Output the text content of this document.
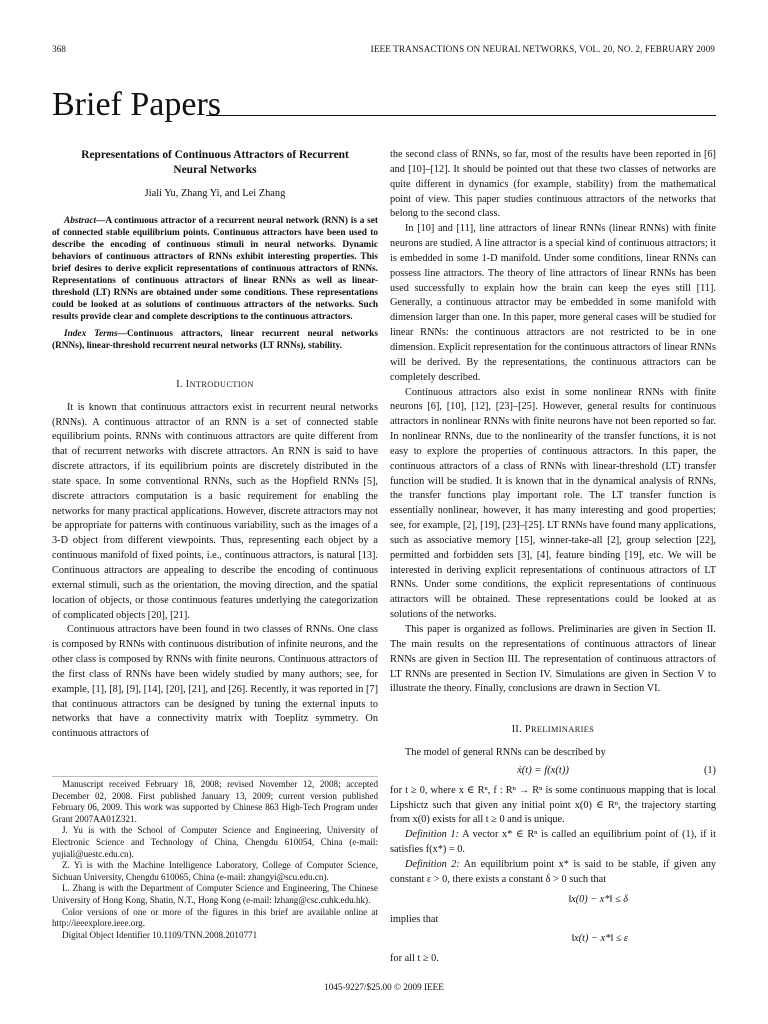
368	IEEE TRANSACTIONS ON NEURAL NETWORKS, VOL. 20, NO. 2, FEBRUARY 2009
Brief Papers
Representations of Continuous Attractors of Recurrent Neural Networks
Jiali Yu, Zhang Yi, and Lei Zhang

Abstract—A continuous attractor of a recurrent neural network (RNN) is a set of connected stable equilibrium points. Continuous attractors have been used to describe the encoding of continuous stimuli in neural networks. Dynamic behaviors of continuous attractors of RNNs exhibit interesting properties. This brief desires to derive explicit representations of continuous attractors of RNNs. Representations of continuous attractors of linear RNNs as well as linear-threshold (LT) RNNs are obtained under some conditions. These representations could be looked at as solutions of continuous attractors of the networks. Such results provide clear and complete descriptions to the continuous attractors.

Index Terms—Continuous attractors, linear recurrent neural networks (RNNs), linear-threshold recurrent neural networks (LT RNNs), stability.

I. INTRODUCTION

It is known that continuous attractors exist in recurrent neural networks (RNNs). A continuous attractor of an RNN is a set of connected stable equilibrium points. RNNs with continuous attractors are quite different from that of recurrent networks with discrete attractors. An RNN is said to have discrete attractors, if its equilibrium points are discretely distributed in the state space. In some conventional RNNs, such as the Hopfield RNNs [5], discrete attractors computation is a basic requirement for enabling the networks for many practical applications. However, discrete attractors may not be appropriate for patterns with continuous variability, such as the images of a 3-D object from different viewpoints. Thus, representing each object by a continuous manifold of fixed points, i.e., continuous attractors, is natural [13]. Continuous attractors are appealing to describe the encoding of continuous external stimuli, such as the orientation, the moving direction, and the spatial location of objects, or those continuous features underlying the categorization of complicated objects [20], [21].

Continuous attractors have been found in two classes of RNNs. One class is composed by RNNs with continuous distribution of infinite neurons, and the other class is composed by RNNs with finite neurons. Continuous attractors of the first class of RNNs have been widely studied by many authors; see, for example, [1], [8], [9], [14], [20], [21], and [26]. Recently, it was reported in [7] that continuous attractors can be designed by tuning the external inputs to networks that have a connectivity matrix with Toeplitz symmetry. On continuous attractors of

Manuscript received February 18, 2008; revised November 12, 2008; accepted December 02, 2008. First published January 13, 2009; current version published February 06, 2009. This work was supported by Chinese 863 High-Tech Program under Grant 2007AA01Z321.

J. Yu is with the School of Computer Science and Engineering, University of Electronic Science and Technology of China, Chengdu 610054, China (e-mail: yujiali@uestc.edu.cn).

Z. Yi is with the Machine Intelligence Laboratory, College of Computer Science, Sichuan University, Chengdu 610065, China (e-mail: zhangyi@scu.edu.cn).

L. Zhang is with the Department of Computer Science and Engineering, The Chinese University of Hong Kong, Shatin, N.T., Hong Kong (e-mail: lzhang@csc.cuhk.edu.hk).

Color versions of one or more of the figures in this brief are available online at http://ieeexplore.ieee.org.

Digital Object Identifier 10.1109/TNN.2008.2010771

the second class of RNNs, so far, most of the results have been reported in [6] and [10]–[12]. It should be pointed out that these two classes of networks are quite different in dynamics (for example, stability) from the mathematical point of view. This paper studies continuous attractors of the networks that belong to the second class.

In [10] and [11], line attractors of linear RNNs (linear RNNs) with finite neurons are studied. A line attractor is a special kind of continuous attractors; it is embedded in some 1-D manifold. Under some conditions, linear RNNs can possess line attractors. The theory of line attractors of linear RNNs has been used successfully to explain how the brain can keep the eyes still [11]. Generally, a continuous attractor may be embedded in some manifold with dimension larger than one. In this paper, more general cases will be studied for linear RNNs: the continuous attractors are not restricted to be in one dimension. Explicit representation for the continuous attractors of linear RNNs will be derived. By the representations, the continuous attractors can be completely described.

Continuous attractors also exist in some nonlinear RNNs with finite neurons [6], [10], [12], [23]–[25]. However, general results for continuous attractors in nonlinear RNNs with finite neurons have not been reported so far. In nonlinear RNNs, due to the nonlinearity of the transfer functions, it is not easy to explore the properties of continuous attractors. In this paper, the continuous attractors of a class of RNNs with linear-threshold (LT) transfer function will be studied. It is known that in the dynamical analysis of RNNs, the transfer functions play important role. The LT transfer function is essentially nonlinear, however, it has many interesting and good properties; see, for example, [2], [19], [23]–[25]. LT RNNs have found many applications, such as associative memory [15], winner-take-all [2], group selection [22], permitted and forbidden sets [3], [4], feature binding [19], etc. We will be interested in deriving explicit representations of continuous attractors of LT RNNs. Under some conditions, the explicit representations of continuous attractors will be obtained. These representations could be looked at as solutions of the networks.

This paper is organized as follows. Preliminaries are given in Section II. The main results on the representations of continuous attractors of linear RNNs are given in Section III. The representation of continuous attractors of LT RNNs are presented in Section IV. Simulations are given in Section V to illustrate the theory. Finally, conclusions are drawn in Section VI.

II. PRELIMINARIES

The model of general RNNs can be described by

ẋ(t) = f(x(t))	(1)

for t ≥ 0, where x ∈ Rⁿ, f : Rⁿ → Rⁿ is some continuous mapping that is local Lipshictz such that given any initial point x(0) ∈ Rⁿ, the trajectory starting from x(0) exists for all t ≥ 0 and is unique.

Definition 1: A vector x* ∈ Rⁿ is called an equilibrium point of (1), if it satisfies f(x*) = 0.

Definition 2: An equilibrium point x* is said to be stable, if given any constant ε > 0, there exists a constant δ > 0 such that

‖x(0) − x*‖ ≤ δ

implies that

‖x(t) − x*‖ ≤ ε

for all t ≥ 0.

1045-9227/$25.00 © 2009 IEEE
